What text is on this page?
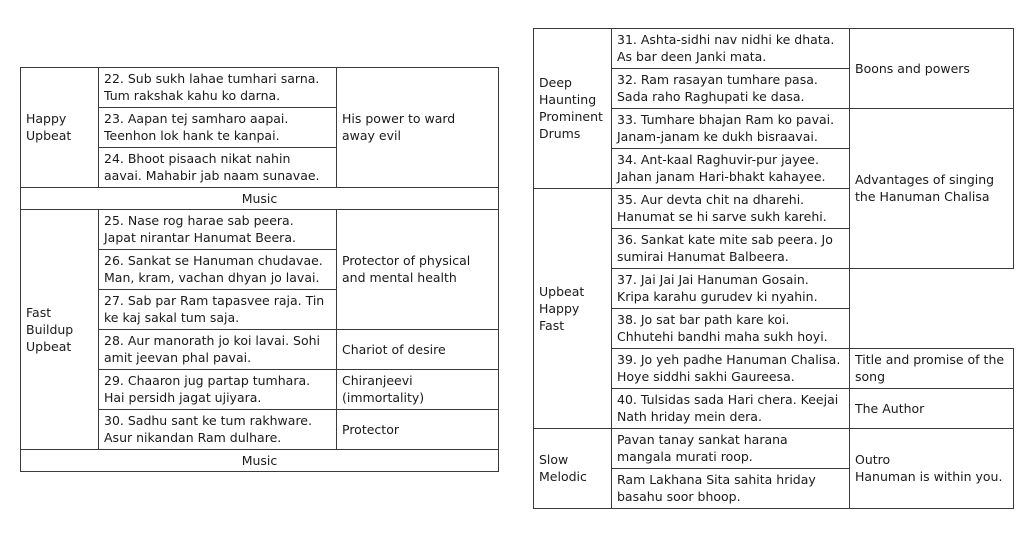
Happy
Upbeat	22. Sub sukh lahae tumhari sarna.
Tum rakshak kahu ko darna.	His power to ward
away evil
	23. Aapan tej samharo aapai.
Teenhon lok hank te kanpai.	
	24. Bhoot pisaach nikat nahin
aavai. Mahabir jab naam sunavae.	
Music		
Fast
Buildup
Upbeat	25. Nase rog harae sab peera.
Japat nirantar Hanumat Beera.	Protector of physical
and mental health
	26. Sankat se Hanuman chudavae.
Man, kram, vachan dhyan jo lavai.	
	27. Sab par Ram tapasvee raja. Tin
ke kaj sakal tum saja.	
	28. Aur manorath jo koi lavai. Sohi
amit jeevan phal pavai.	Chariot of desire
	29. Chaaron jug partap tumhara.
Hai persidh jagat ujiyara.	Chiranjeevi
(immortality)
	30. Sadhu sant ke tum rakhware.
Asur nikandan Ram dulhare.	Protector
Music		
Deep
Haunting
Prominent
Drums	31. Ashta-sidhi nav nidhi ke dhata.
As bar deen Janki mata.	Boons and powers
	32. Ram rasayan tumhare pasa.
Sada raho Raghupati ke dasa.	
	33. Tumhare bhajan Ram ko pavai.
Janam-janam ke dukh bisraavai.	Advantages of singing
the Hanuman Chalisa
	34. Ant-kaal Raghuvir-pur jayee.
Jahan janam Hari-bhakt kahayee.	
Upbeat
Happy
Fast	35. Aur devta chit na dharehi.
Hanumat se hi sarve sukh karehi.	
	36. Sankat kate mite sab peera. Jo
sumirai Hanumat Balbeera.	
	37. Jai Jai Jai Hanuman Gosain.
Kripa karahu gurudev ki nyahin.	
	38. Jo sat bar path kare koi.
Chhutehi bandhi maha sukh hoyi.	
	39. Jo yeh padhe Hanuman Chalisa.
Hoye siddhi sakhi Gaureesa.	Title and promise of the
song
	40. Tulsidas sada Hari chera. Keejai
Nath hriday mein dera.	The Author
Slow
Melodic	Pavan tanay sankat harana
mangala murati roop.	Outro
Hanuman is within you.
	Ram Lakhana Sita sahita hriday
basahu soor bhoop.	
